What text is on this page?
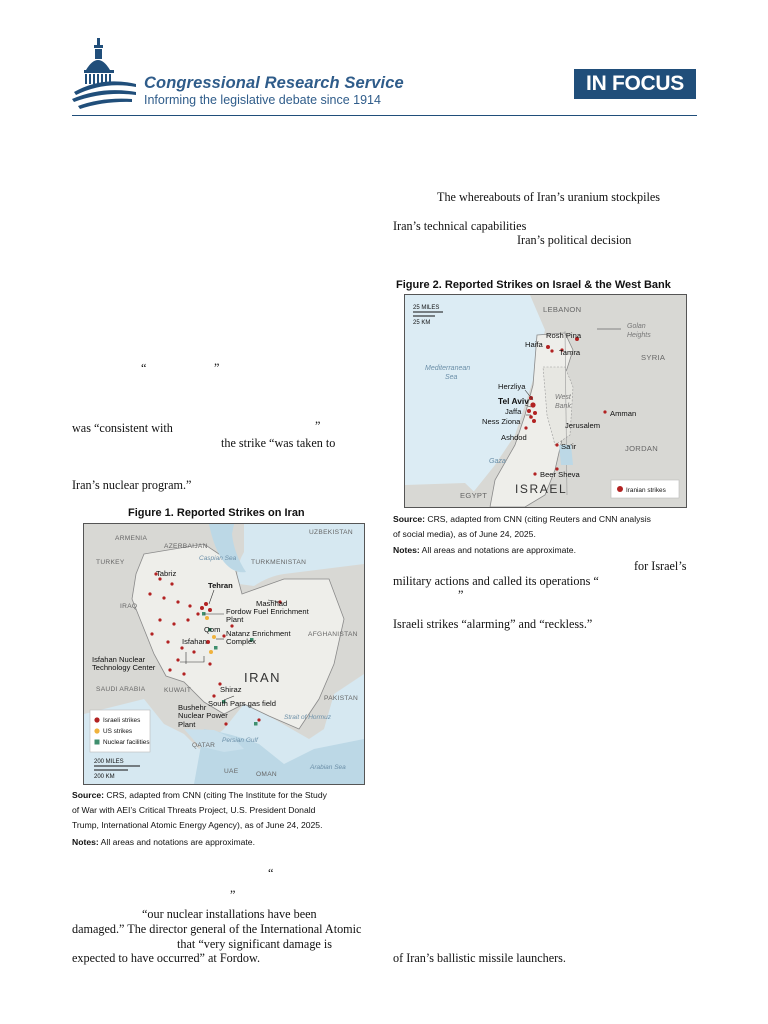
Congressional Research Service
Informing the legislative debate since 1914
IN FOCUS
“	”
was “consistent with	”
the strike “was taken to
Iran’s nuclear program.”
Figure 1. Reported Strikes on Iran
ARMENIA
AZERBAIJAN
UZBEKISTAN
TURKEY	TURKMENISTAN
IRAQ
AFGHANISTAN
SAUDI ARABIA	KUWAIT
PAKISTAN
QATAR
UAE	OMAN
Caspian Sea
Strait of Hormuz
Persian Gulf
Arabian Sea
Tabriz
Tehran
Mashhad
Qom
Isfahan
Shiraz
South Pars gas field
IRAN
Fordow Fuel Enrichment Plant
Natanz Enrichment Complex
Isfahan Nuclear Technology Center
Bushehr Nuclear Power Plant
Israeli strikes
US strikes
Nuclear facilities
200 MILES
200 KM
Source: CRS, adapted from CNN (citing The Institute for the Study
of War with AEI’s Critical Threats Project, U.S. President Donald
Trump, International Atomic Energy Agency), as of June 24, 2025.
Notes: All areas and notations are approximate.
“
”
“our nuclear installations have been
damaged.” The director general of the International Atomic
that “very significant damage is
expected to have occurred” at Fordow.
The whereabouts of Iran’s uranium stockpiles
Iran’s technical capabilities
Iran’s political decision
Figure 2. Reported Strikes on Israel & the West Bank
LEBANON
SYRIA
JORDAN
EGYPT
Mediterranean
Sea
Gaza
West
Bank
Golan
Heights
Rosh Pina
Haifa
Tamra
Herzliya
Tel Aviv
Jaffa
Ness Ziona
Ashdod
Jerusalem
Amman
Sa’ir
Beer Sheva
ISRAEL
25 MILES
25 KM
Iranian strikes
Source: CRS, adapted from CNN (citing Reuters and CNN analysis
of social media), as of June 24, 2025.
Notes: All areas and notations are approximate.
for Israel’s
military actions and called its operations “
”
Israeli strikes “alarming” and “reckless.”
of Iran’s ballistic missile launchers.
